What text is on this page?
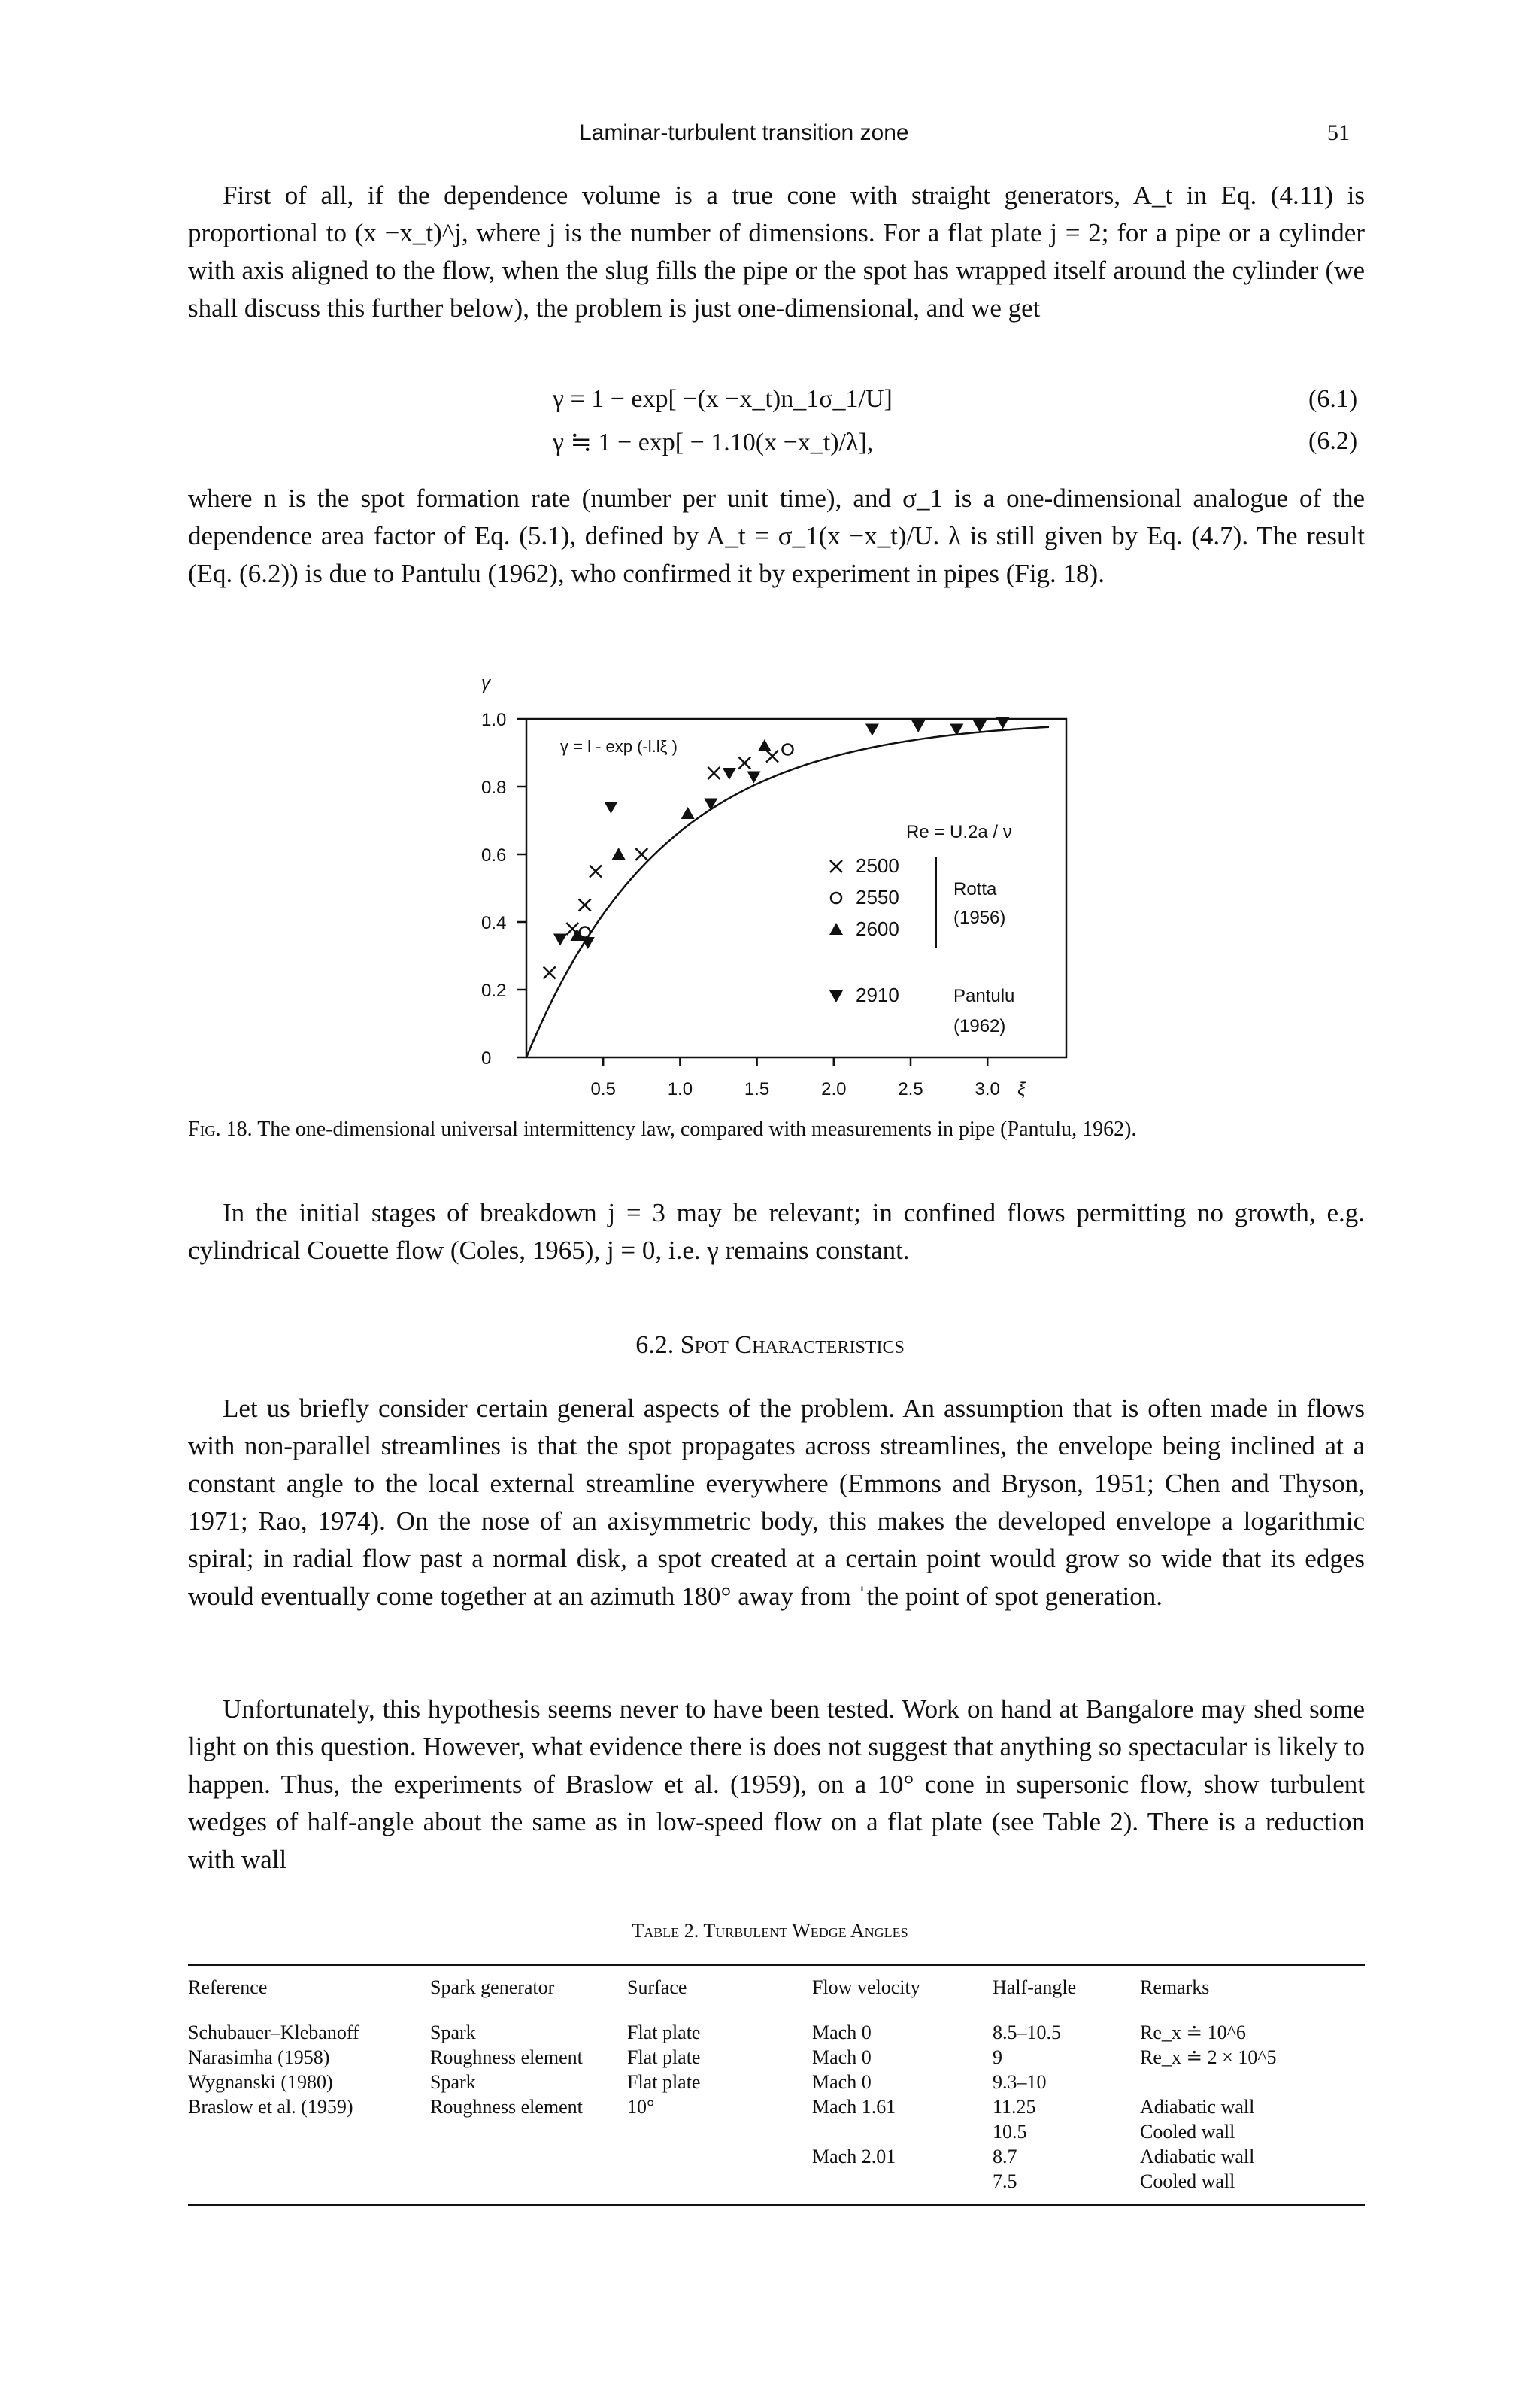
Laminar-turbulent transition zone	51

First of all, if the dependence volume is a true cone with straight generators, A_t in Eq. (4.11) is proportional to (x −x_t)^j, where j is the number of dimensions. For a flat plate j = 2; for a pipe or a cylinder with axis aligned to the flow, when the slug fills the pipe or the spot has wrapped itself around the cylinder (we shall discuss this further below), the problem is just one-dimensional, and we get

γ = 1 − exp[ −(x −x_t)n_1σ_1/U]	(6.1)
γ ≒ 1 − exp[ − 1.10(x −x_t)/λ],	(6.2)

where n is the spot formation rate (number per unit time), and σ_1 is a one-dimensional analogue of the dependence area factor of Eq. (5.1), defined by A_t = σ_1(x −x_t)/U. λ is still given by Eq. (4.7). The result (Eq. (6.2)) is due to Pantulu (1962), who confirmed it by experiment in pipes (Fig. 18).

0
0.2
0.4
0.6
0.8
1.0
0.5	1.0	1.5	2.0	2.5	3.0
γ
ξ
γ = l - exp (-l.lξ )
Re = U.2a / ν
2500
2550
2600
Rotta
(1956)
2910	Pantulu
(1962)
Fig. 18. The one-dimensional universal intermittency law, compared with measurements in pipe (Pantulu, 1962).

In the initial stages of breakdown j = 3 may be relevant; in confined flows permitting no growth, e.g. cylindrical Couette flow (Coles, 1965), j = 0, i.e. γ remains constant.

6.2. Spot Characteristics

Let us briefly consider certain general aspects of the problem. An assumption that is often made in flows with non-parallel streamlines is that the spot propagates across streamlines, the envelope being inclined at a constant angle to the local external streamline everywhere (Emmons and Bryson, 1951; Chen and Thyson, 1971; Rao, 1974). On the nose of an axisymmetric body, this makes the developed envelope a logarithmic spiral; in radial flow past a normal disk, a spot created at a certain point would grow so wide that its edges would eventually come together at an azimuth 180° away from ˈthe point of spot generation.

Unfortunately, this hypothesis seems never to have been tested. Work on hand at Bangalore may shed some light on this question. However, what evidence there is does not suggest that anything so spectacular is likely to happen. Thus, the experiments of Braslow et al. (1959), on a 10° cone in supersonic flow, show turbulent wedges of half-angle about the same as in low-speed flow on a flat plate (see Table 2). There is a reduction with wall

Table 2. Turbulent Wedge Angles
Reference	Spark generator	Surface	Flow velocity	Half-angle	Remarks
Schubauer–Klebanoff	Spark	Flat plate	Mach 0	8.5–10.5	Re_x ≐ 10^6
Narasimha (1958)	Roughness element	Flat plate	Mach 0	9	Re_x ≐ 2 × 10^5
Wygnanski (1980)	Spark	Flat plate	Mach 0	9.3–10	
Braslow et al. (1959)	Roughness element	10°	Mach 1.61	11.25	Adiabatic wall
				10.5	Cooled wall
			Mach 2.01	8.7	Adiabatic wall
				7.5	Cooled wall
